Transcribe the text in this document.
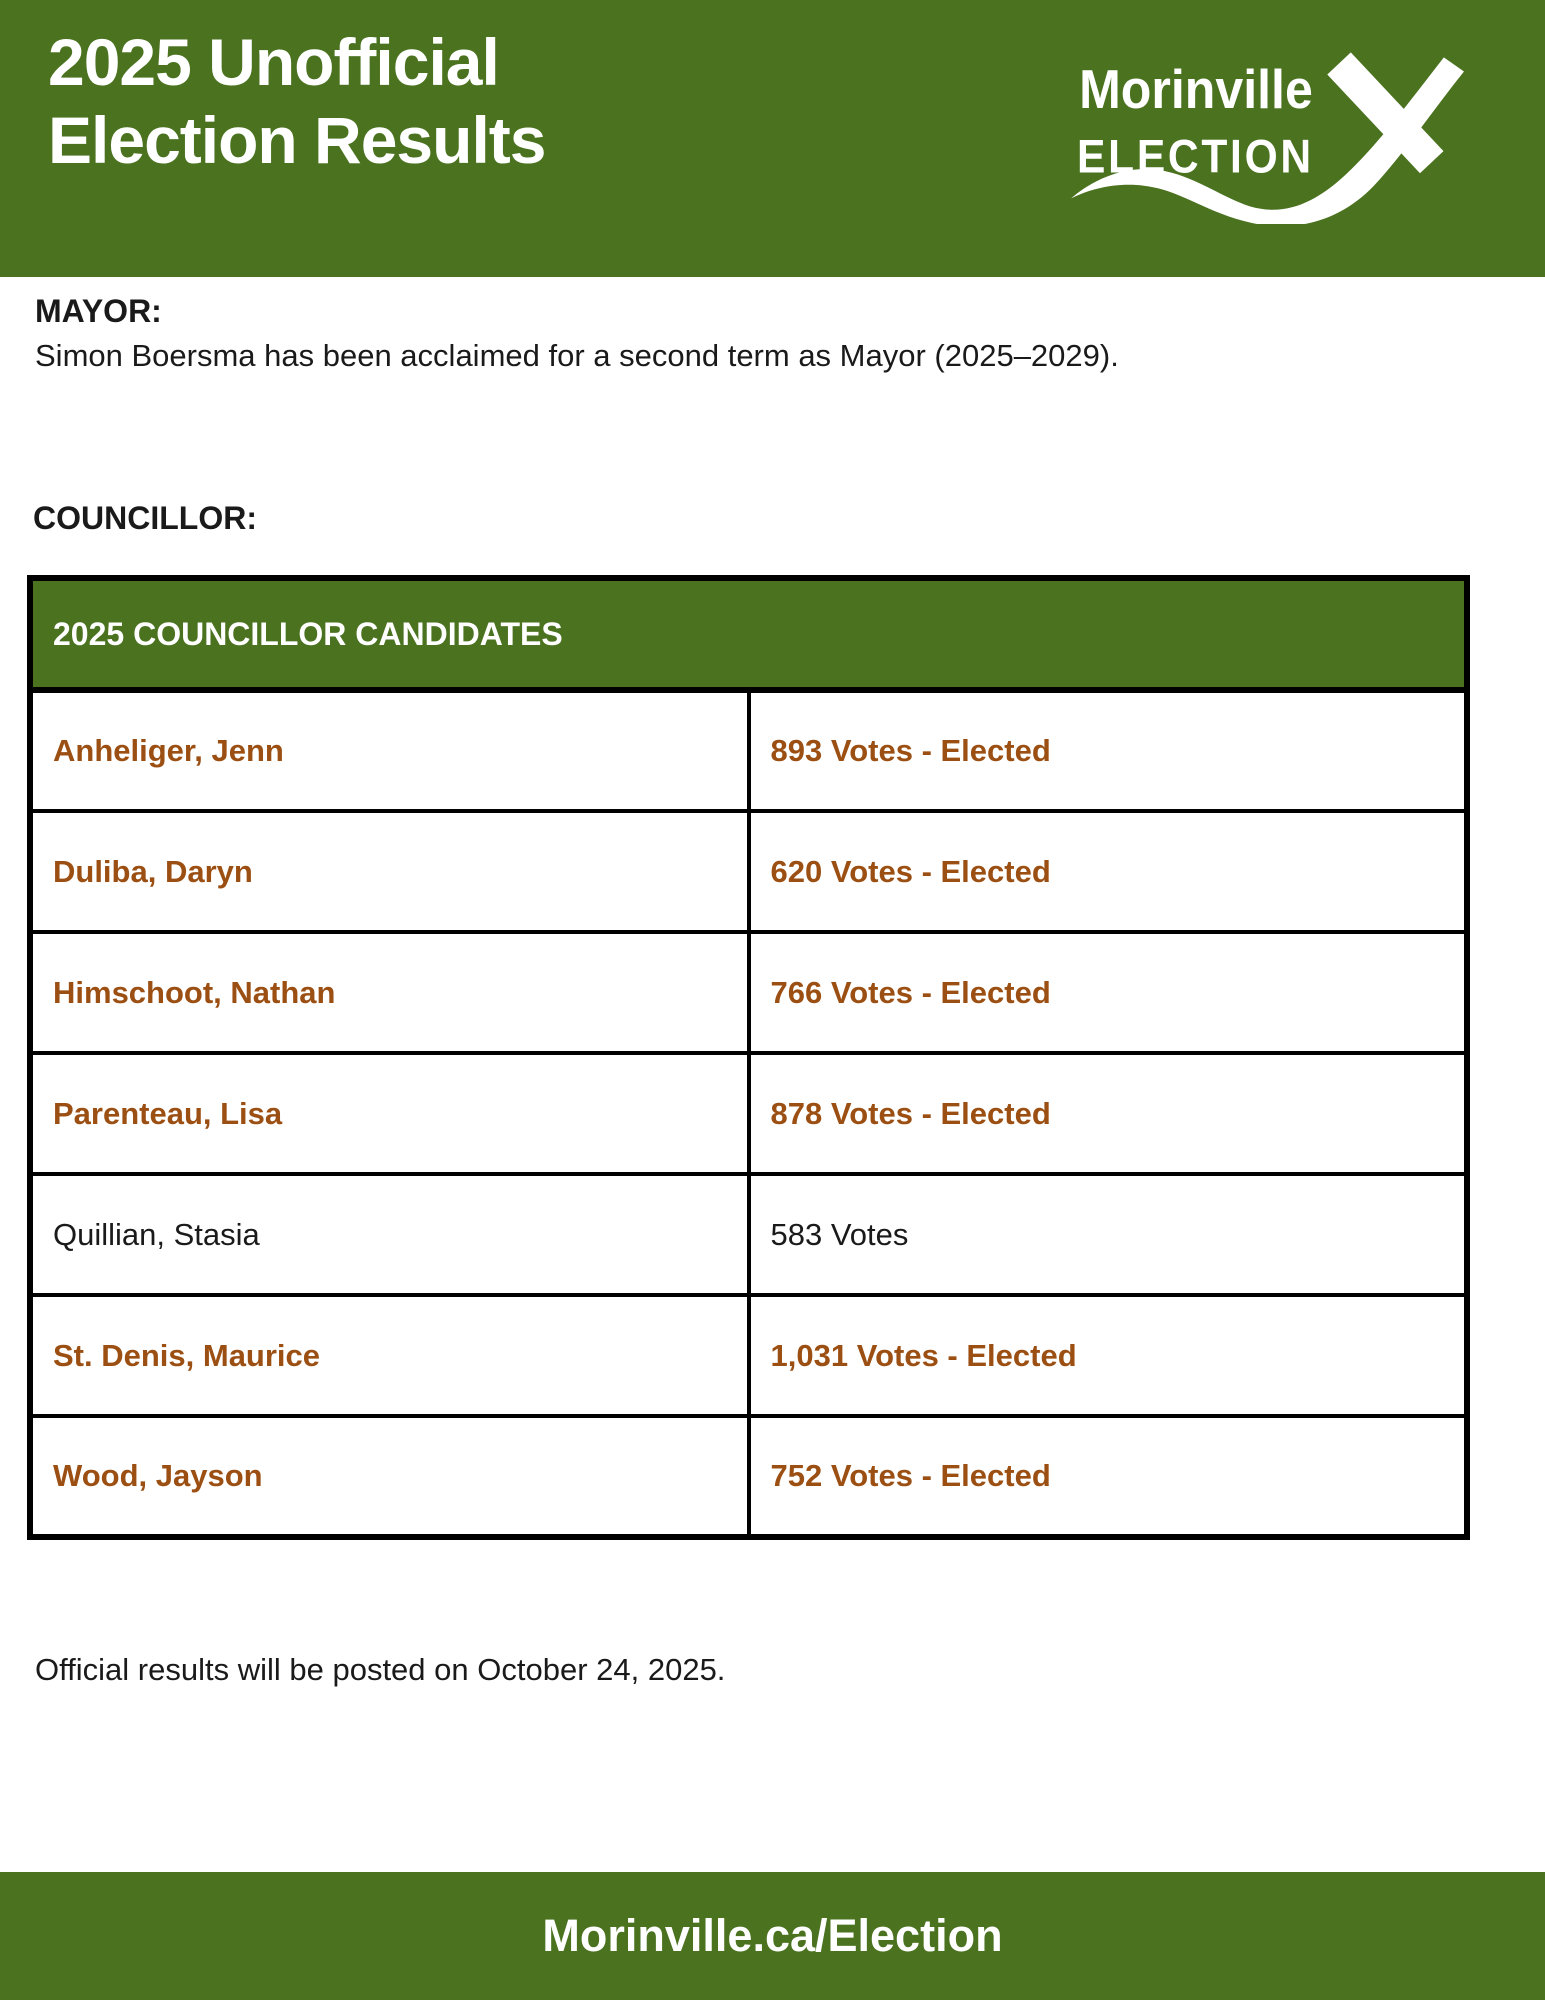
2025 Unofficial
Election Results
Morinville
ELECTION
MAYOR:

Simon Boersma has been acclaimed for a second term as Mayor (2025–2029).

COUNCILLOR:
2025 COUNCILLOR CANDIDATES	
Anheliger, Jenn	893 Votes - Elected
Duliba, Daryn	620 Votes - Elected
Himschoot, Nathan	766 Votes - Elected
Parenteau, Lisa	878 Votes - Elected
Quillian, Stasia	583 Votes
St. Denis, Maurice	1,031 Votes - Elected
Wood, Jayson	752 Votes - Elected

Official results will be posted on October 24, 2025.

Morinville.ca/Election
